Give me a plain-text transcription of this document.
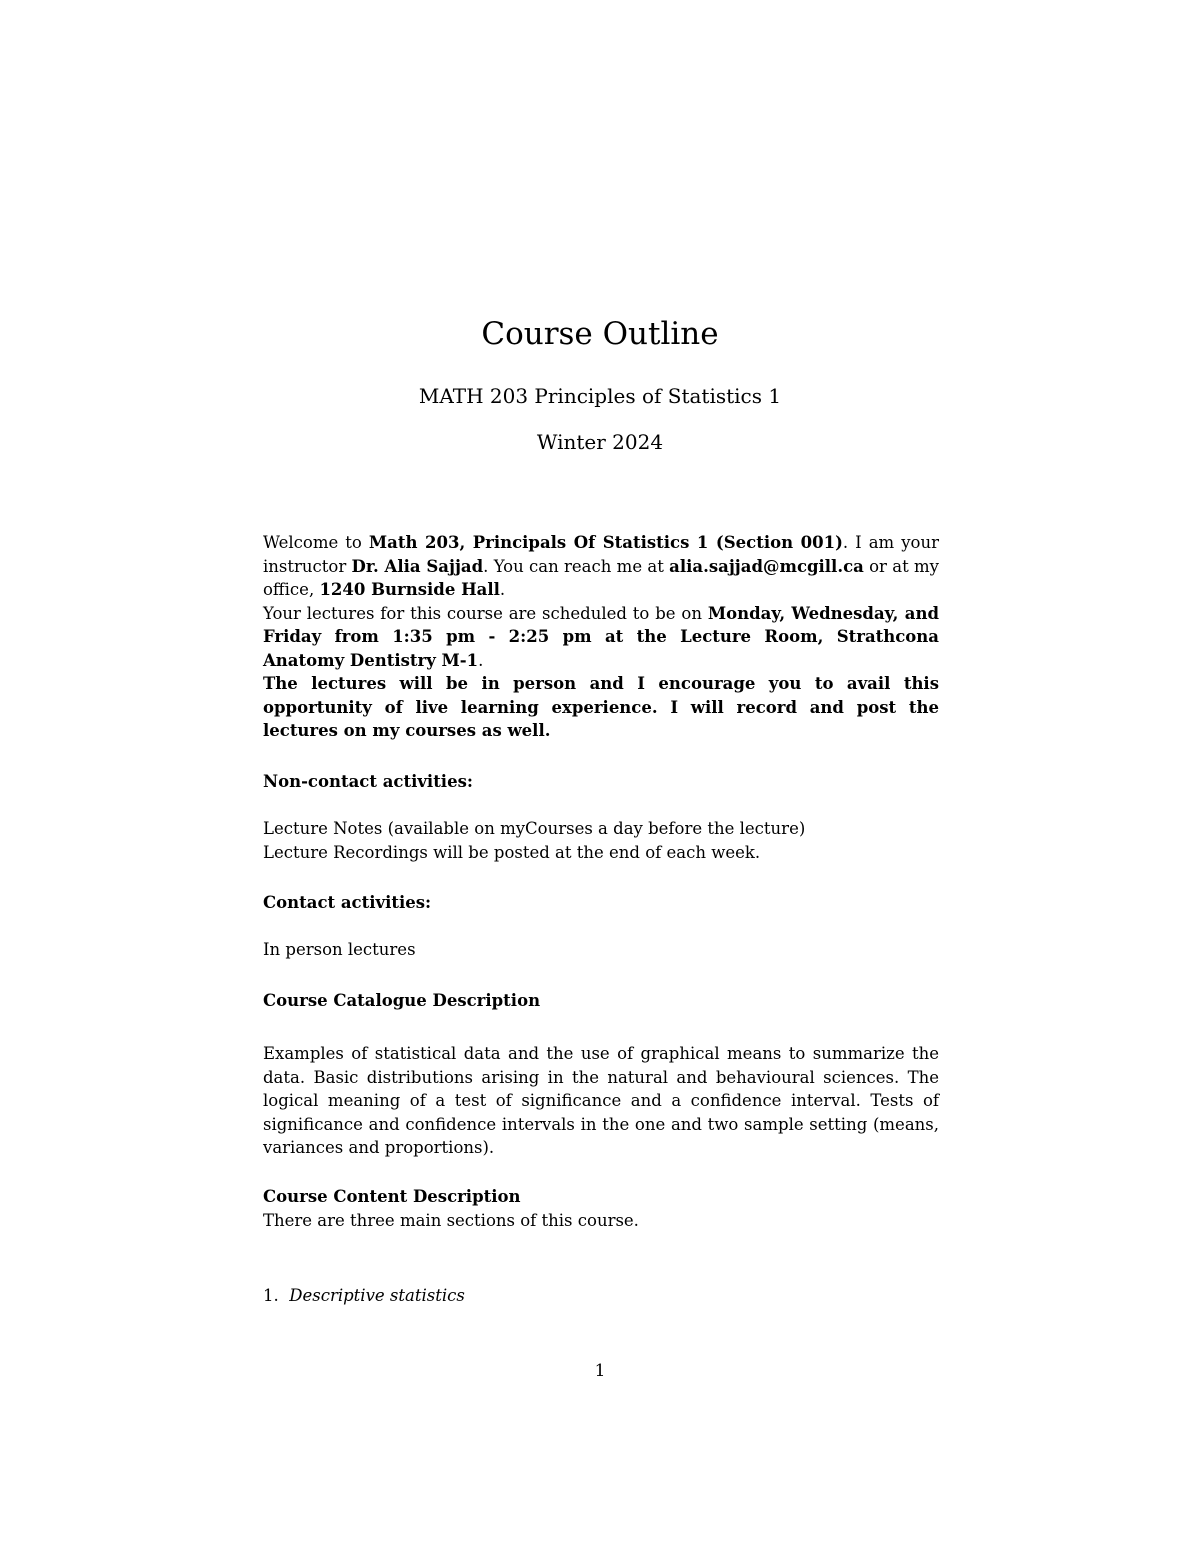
Course Outline
MATH 203 Principles of Statistics 1
Winter 2024

Welcome to Math 203, Principals Of Statistics 1 (Section 001). I am your instructor Dr. Alia Sajjad. You can reach me at alia.sajjad@mcgill.ca or at my office, 1240 Burnside Hall.

Your lectures for this course are scheduled to be on Monday, Wednesday, and Friday from 1:35 pm - 2:25 pm at the Lecture Room, Strathcona Anatomy Dentistry M-1.

The lectures will be in person and I encourage you to avail this opportunity of live learning experience. I will record and post the lectures on my courses as well.

Non-contact activities:

Lecture Notes (available on myCourses a day before the lecture)

Lecture Recordings will be posted at the end of each week.

Contact activities:

In person lectures

Course Catalogue Description

Examples of statistical data and the use of graphical means to summarize the data. Basic distributions arising in the natural and behavioural sciences. The logical meaning of a test of significance and a confidence interval. Tests of significance and confidence intervals in the one and two sample setting (means, variances and proportions).

Course Content Description

There are three main sections of this course.

1. Descriptive statistics

1
